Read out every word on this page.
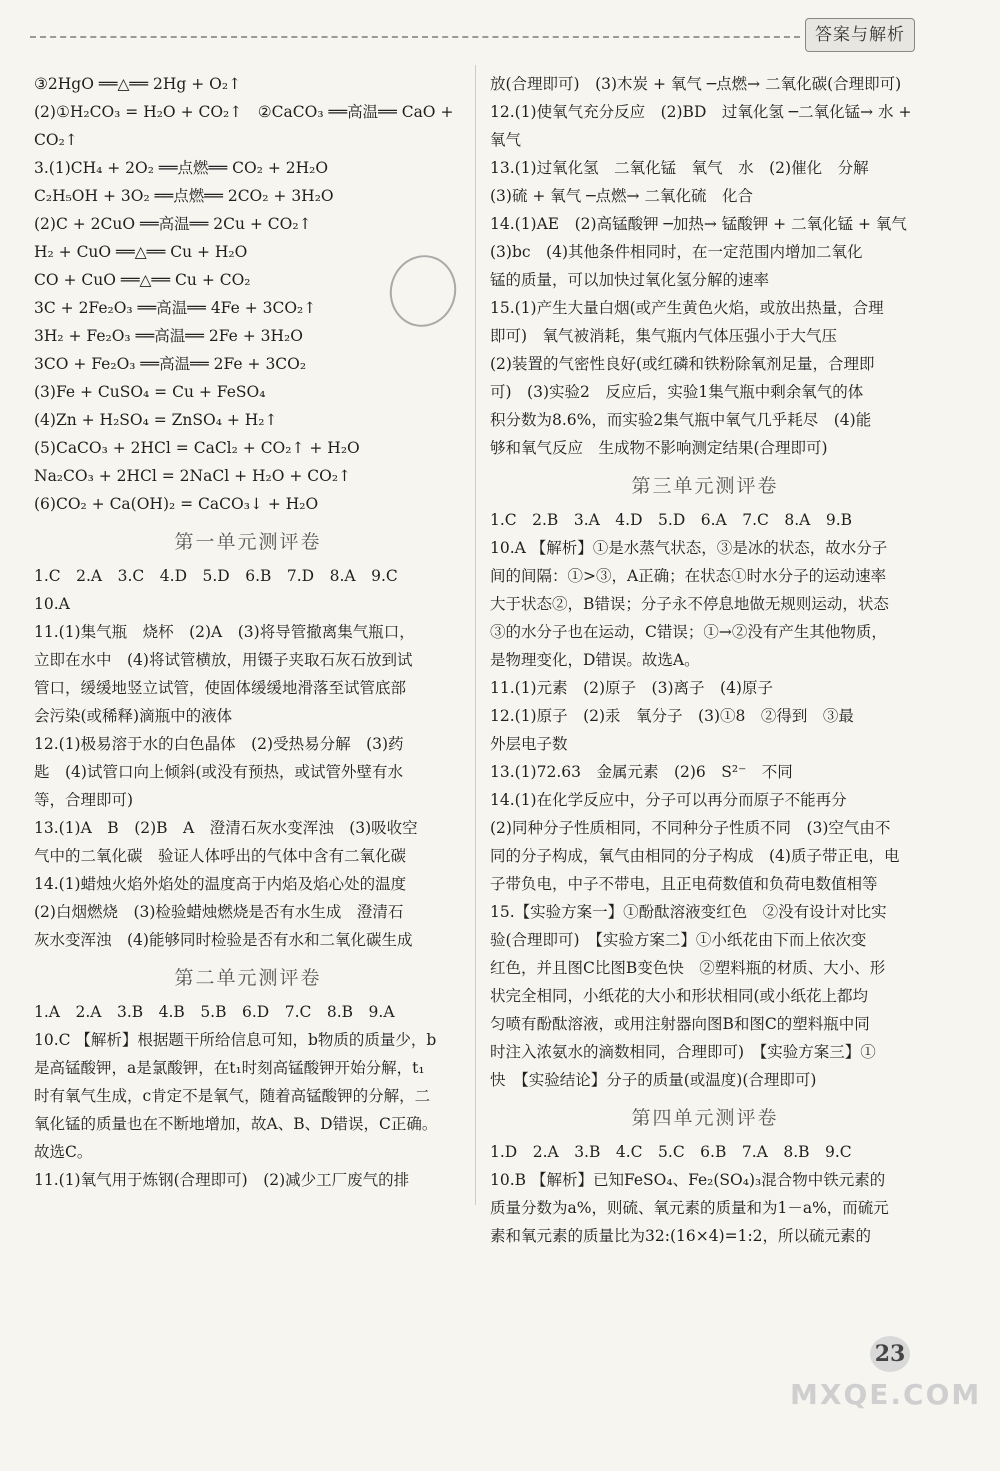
答案与解析

③2HgO ══△══ 2Hg + O₂↑

(2)①H₂CO₃ = H₂O + CO₂↑　②CaCO₃ ══高温══ CaO + CO₂↑

3.(1)CH₄ + 2O₂ ══点燃══ CO₂ + 2H₂O

C₂H₅OH + 3O₂ ══点燃══ 2CO₂ + 3H₂O

(2)C + 2CuO ══高温══ 2Cu + CO₂↑

H₂ + CuO ══△══ Cu + H₂O

CO + CuO ══△══ Cu + CO₂

3C + 2Fe₂O₃ ══高温══ 4Fe + 3CO₂↑

3H₂ + Fe₂O₃ ══高温══ 2Fe + 3H₂O

3CO + Fe₂O₃ ══高温══ 2Fe + 3CO₂

(3)Fe + CuSO₄ = Cu + FeSO₄

(4)Zn + H₂SO₄ = ZnSO₄ + H₂↑

(5)CaCO₃ + 2HCl = CaCl₂ + CO₂↑ + H₂O

Na₂CO₃ + 2HCl = 2NaCl + H₂O + CO₂↑

(6)CO₂ + Ca(OH)₂ = CaCO₃↓ + H₂O

第一单元测评卷

1.C　2.A　3.C　4.D　5.D　6.B　7.D　8.A　9.C

10.A

11.(1)集气瓶　烧杯　(2)A　(3)将导管撤离集气瓶口，

立即在水中　(4)将试管横放，用镊子夹取石灰石放到试

管口，缓缓地竖立试管，使固体缓缓地滑落至试管底部

会污染(或稀释)滴瓶中的液体

12.(1)极易溶于水的白色晶体　(2)受热易分解　(3)药

匙　(4)试管口向上倾斜(或没有预热，或试管外壁有水

等，合理即可)

13.(1)A　B　(2)B　A　澄清石灰水变浑浊　(3)吸收空

气中的二氧化碳　验证人体呼出的气体中含有二氧化碳

14.(1)蜡烛火焰外焰处的温度高于内焰及焰心处的温度

(2)白烟燃烧　(3)检验蜡烛燃烧是否有水生成　澄清石

灰水变浑浊　(4)能够同时检验是否有水和二氧化碳生成

第二单元测评卷

1.A　2.A　3.B　4.B　5.B　6.D　7.C　8.B　9.A

10.C 【解析】根据题干所给信息可知，b物质的质量少，b

是高锰酸钾，a是氯酸钾，在t₁时刻高锰酸钾开始分解，t₁

时有氧气生成，c肯定不是氧气，随着高锰酸钾的分解，二

氧化锰的质量也在不断地增加，故A、B、D错误，C正确。

故选C。

11.(1)氧气用于炼钢(合理即可)　(2)减少工厂废气的排

放(合理即可)　(3)木炭 + 氧气 ─点燃→ 二氧化碳(合理即可)

12.(1)使氧气充分反应　(2)BD　过氧化氢 ─二氧化锰→ 水 +

氧气

13.(1)过氧化氢　二氧化锰　氧气　水　(2)催化　分解

(3)硫 + 氧气 ─点燃→ 二氧化硫　化合

14.(1)AE　(2)高锰酸钾 ─加热→ 锰酸钾 + 二氧化锰 + 氧气

(3)bc　(4)其他条件相同时，在一定范围内增加二氧化

锰的质量，可以加快过氧化氢分解的速率

15.(1)产生大量白烟(或产生黄色火焰，或放出热量，合理

即可)　氧气被消耗，集气瓶内气体压强小于大气压

(2)装置的气密性良好(或红磷和铁粉除氧剂足量，合理即

可)　(3)实验2　反应后，实验1集气瓶中剩余氧气的体

积分数为8.6%，而实验2集气瓶中氧气几乎耗尽　(4)能

够和氧气反应　生成物不影响测定结果(合理即可)

第三单元测评卷

1.C　2.B　3.A　4.D　5.D　6.A　7.C　8.A　9.B

10.A 【解析】①是水蒸气状态，③是冰的状态，故水分子

间的间隔：①>③，A正确；在状态①时水分子的运动速率

大于状态②，B错误；分子永不停息地做无规则运动，状态

③的水分子也在运动，C错误；①→②没有产生其他物质，

是物理变化，D错误。故选A。

11.(1)元素　(2)原子　(3)离子　(4)原子

12.(1)原子　(2)汞　氧分子　(3)①8　②得到　③最

外层电子数

13.(1)72.63　金属元素　(2)6　S²⁻　不同

14.(1)在化学反应中，分子可以再分而原子不能再分

(2)同种分子性质相同，不同种分子性质不同　(3)空气由不

同的分子构成，氧气由相同的分子构成　(4)质子带正电，电

子带负电，中子不带电，且正电荷数值和负荷电数值相等

15.【实验方案一】①酚酞溶液变红色　②没有设计对比实

验(合理即可)　【实验方案二】①小纸花由下而上依次变

红色，并且图C比图B变色快　②塑料瓶的材质、大小、形

状完全相同，小纸花的大小和形状相同(或小纸花上都均

匀喷有酚酞溶液，或用注射器向图B和图C的塑料瓶中同

时注入浓氨水的滴数相同，合理即可)　【实验方案三】①

快　【实验结论】分子的质量(或温度)(合理即可)

第四单元测评卷

1.D　2.A　3.B　4.C　5.C　6.B　7.A　8.B　9.C

10.B 【解析】已知FeSO₄、Fe₂(SO₄)₃混合物中铁元素的

质量分数为a%，则硫、氧元素的质量和为1－a%，而硫元

素和氧元素的质量比为32:(16×4)=1:2，所以硫元素的

23
MXQE.COM
